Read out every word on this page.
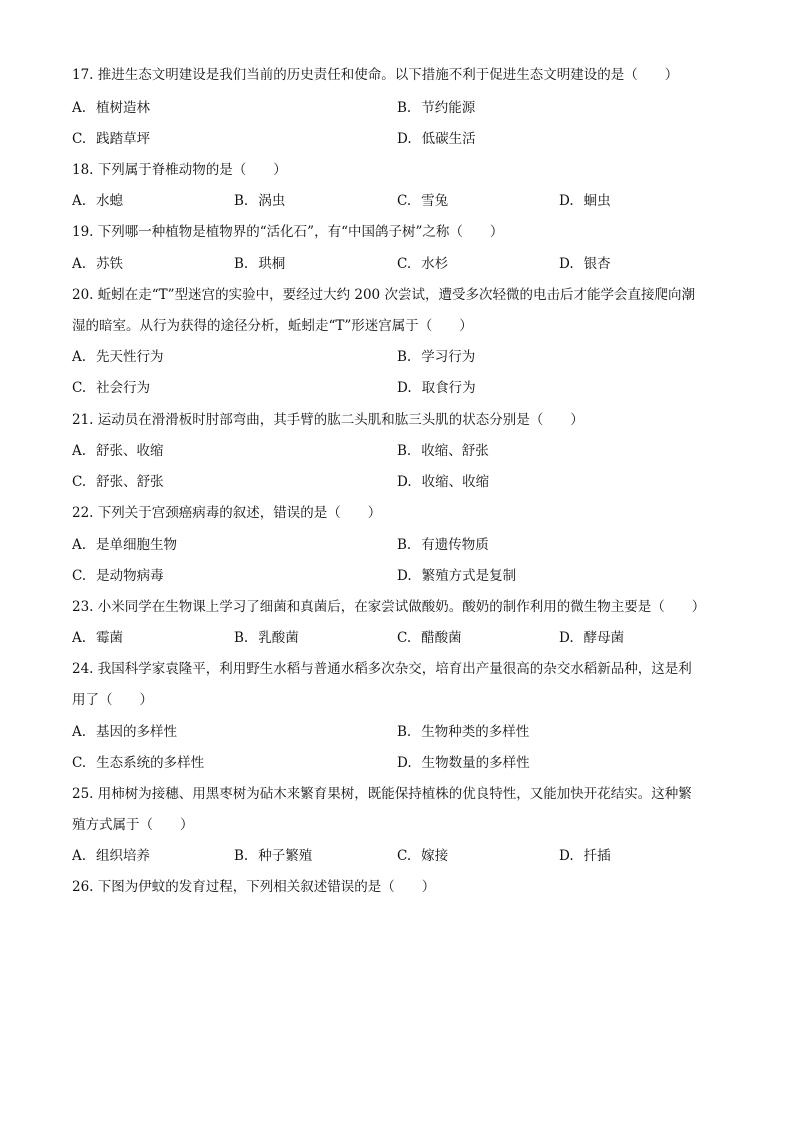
17. 推进生态文明建设是我们当前的历史责任和使命。以下措施不利于促进生态文明建设的是（　　）
A. 植树造林	B. 节约能源
C. 践踏草坪	D. 低碳生活
18. 下列属于脊椎动物的是（　　）
A. 水螅	B. 涡虫	C. 雪兔	D. 蛔虫
19. 下列哪一种植物是植物界的“活化石”，有“中国鸽子树”之称（　　）
A. 苏铁	B. 珙桐	C. 水杉	D. 银杏
20. 蚯蚓在走“T”型迷宫的实验中，要经过大约 200 次尝试，遭受多次轻微的电击后才能学会直接爬向潮
湿的暗室。从行为获得的途径分析，蚯蚓走“T”形迷宫属于（　　）
A. 先天性行为	B. 学习行为
C. 社会行为	D. 取食行为
21. 运动员在滑滑板时肘部弯曲，其手臂的肱二头肌和肱三头肌的状态分别是（　　）
A. 舒张、收缩	B. 收缩、舒张
C. 舒张、舒张	D. 收缩、收缩
22. 下列关于宫颈癌病毒的叙述，错误的是（　　）
A. 是单细胞生物	B. 有遗传物质
C. 是动物病毒	D. 繁殖方式是复制
23. 小米同学在生物课上学习了细菌和真菌后，在家尝试做酸奶。酸奶的制作利用的微生物主要是（　　）
A. 霉菌	B. 乳酸菌	C. 醋酸菌	D. 酵母菌
24. 我国科学家袁隆平，利用野生水稻与普通水稻多次杂交，培育出产量很高的杂交水稻新品种，这是利
用了（　　）
A. 基因的多样性	B. 生物种类的多样性
C. 生态系统的多样性	D. 生物数量的多样性
25. 用柿树为接穗、用黑枣树为砧木来繁育果树，既能保持植株的优良特性，又能加快开花结实。这种繁
殖方式属于（　　）
A. 组织培养	B. 种子繁殖	C. 嫁接	D. 扦插
26. 下图为伊蚊的发育过程，下列相关叙述错误的是（　　）
